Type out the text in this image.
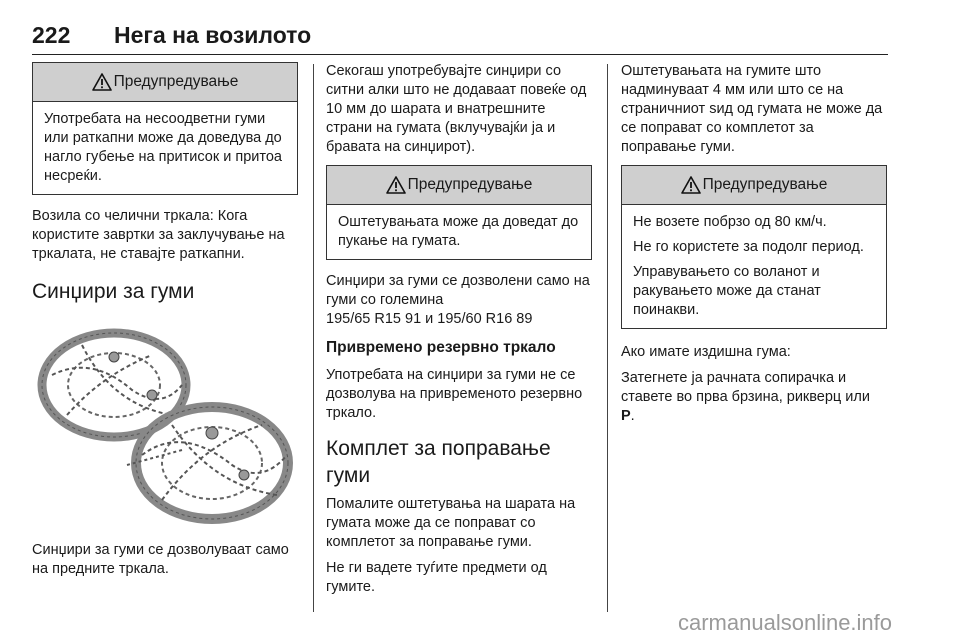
222 Нега на возилото
Предупредување

Употребата на несоодветни гуми или раткапни може да доведува до нагло губење на притисок и притоа несреќи.

Возила со челични тркала: Кога користите завртки за заклучување на тркалата, не ставајте раткапни.

Синџири за гуми

Синџири за гуми се дозволуваат само на предните тркала.

Секогаш употребувајте синџири со ситни алки што не додаваат повеќе од 10 мм до шарата и внатрешните страни на гумата (вклучувајќи ја и бравата на синџирот).

Предупредување

Оштетувањата може да доведат до пукање на гумата.

Синџири за гуми се дозволени само на гуми со големина
195/65 R15 91 и 195/60 R16 89

Привремено резервно тркало

Употребата на синџири за гуми не се дозволува на привременото резервно тркало.

Комплет за поправање гуми

Помалите оштетувања на шарата на гумата може да се поправат со комплетот за поправање гуми.

Не ги вадете туѓите предмети од гумите.

Оштетувањата на гумите што надминуваат 4 мм или што се на страничниот ѕид од гумата не може да се поправат со комплетот за поправање гуми.

Предупредување

Не возете побрзо од 80 км/ч.

Не го користете за подолг период.

Управувањето со воланот и ракувањето може да станат поинакви.

Ако имате издишна гума:

Затегнете ја рачната сопирачка и ставете во прва брзина, рикверц или P.

carmanualsonline.info
